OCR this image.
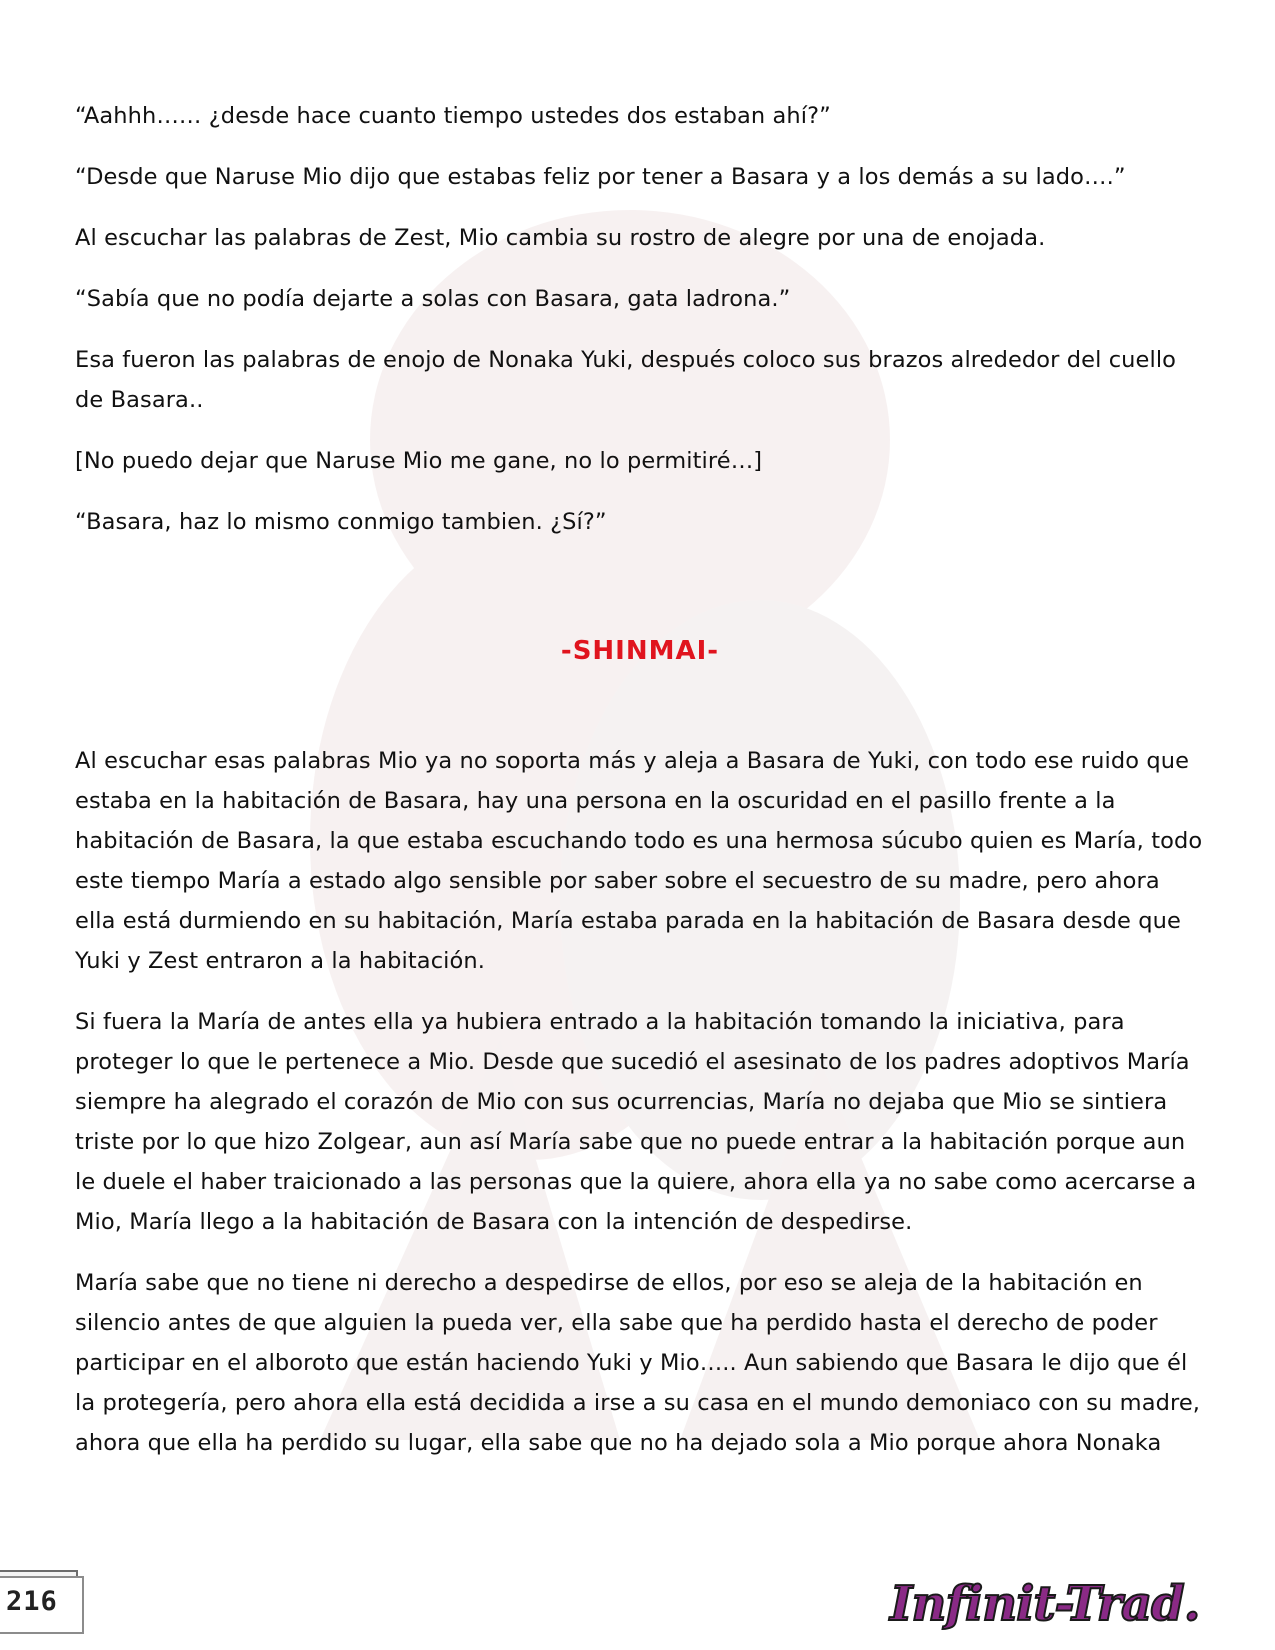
“Aahhh…… ¿desde hace cuanto tiempo ustedes dos estaban ahí?”

“Desde que Naruse Mio dijo que estabas feliz por tener a Basara y a los demás a su lado….”

Al escuchar las palabras de Zest, Mio cambia su rostro de alegre por una de enojada.

“Sabía que no podía dejarte a solas con Basara, gata ladrona.”

Esa fueron las palabras de enojo de Nonaka Yuki, después coloco sus brazos alrededor del cuello de Basara..

[No puedo dejar que Naruse Mio me gane, no lo permitiré…]

“Basara, haz lo mismo conmigo tambien. ¿Sí?”

-SHINMAI-

Al escuchar esas palabras Mio ya no soporta más y aleja a Basara de Yuki, con todo ese ruido que estaba en la habitación de Basara, hay una persona en la oscuridad en el pasillo frente a la habitación de Basara, la que estaba escuchando todo es una hermosa súcubo quien es María, todo este tiempo María a estado algo sensible por saber sobre el secuestro de su madre, pero ahora ella está durmiendo en su habitación, María estaba parada en la habitación de Basara desde que Yuki y Zest entraron a la habitación.

Si fuera la María de antes ella ya hubiera entrado a la habitación tomando la iniciativa, para proteger lo que le pertenece a Mio. Desde que sucedió el asesinato de los padres adoptivos María siempre ha alegrado el corazón de Mio con sus ocurrencias, María no dejaba que Mio se sintiera triste por lo que hizo Zolgear, aun así María sabe que no puede entrar a la habitación porque aun le duele el haber traicionado a las personas que la quiere, ahora ella ya no sabe como acercarse a Mio, María llego a la habitación de Basara con la intención de despedirse.

María sabe que no tiene ni derecho a despedirse de ellos, por eso se aleja de la habitación en silencio antes de que alguien la pueda ver, ella sabe que ha perdido hasta el derecho de poder participar en el alboroto que están haciendo Yuki y Mio….. Aun sabiendo que Basara le dijo que él la protegería, pero ahora ella está decidida a irse a su casa en el mundo demoniaco con su madre, ahora que ella ha perdido su lugar, ella sabe que no ha dejado sola a Mio porque ahora Nonaka

216	Infinit-Trad.
